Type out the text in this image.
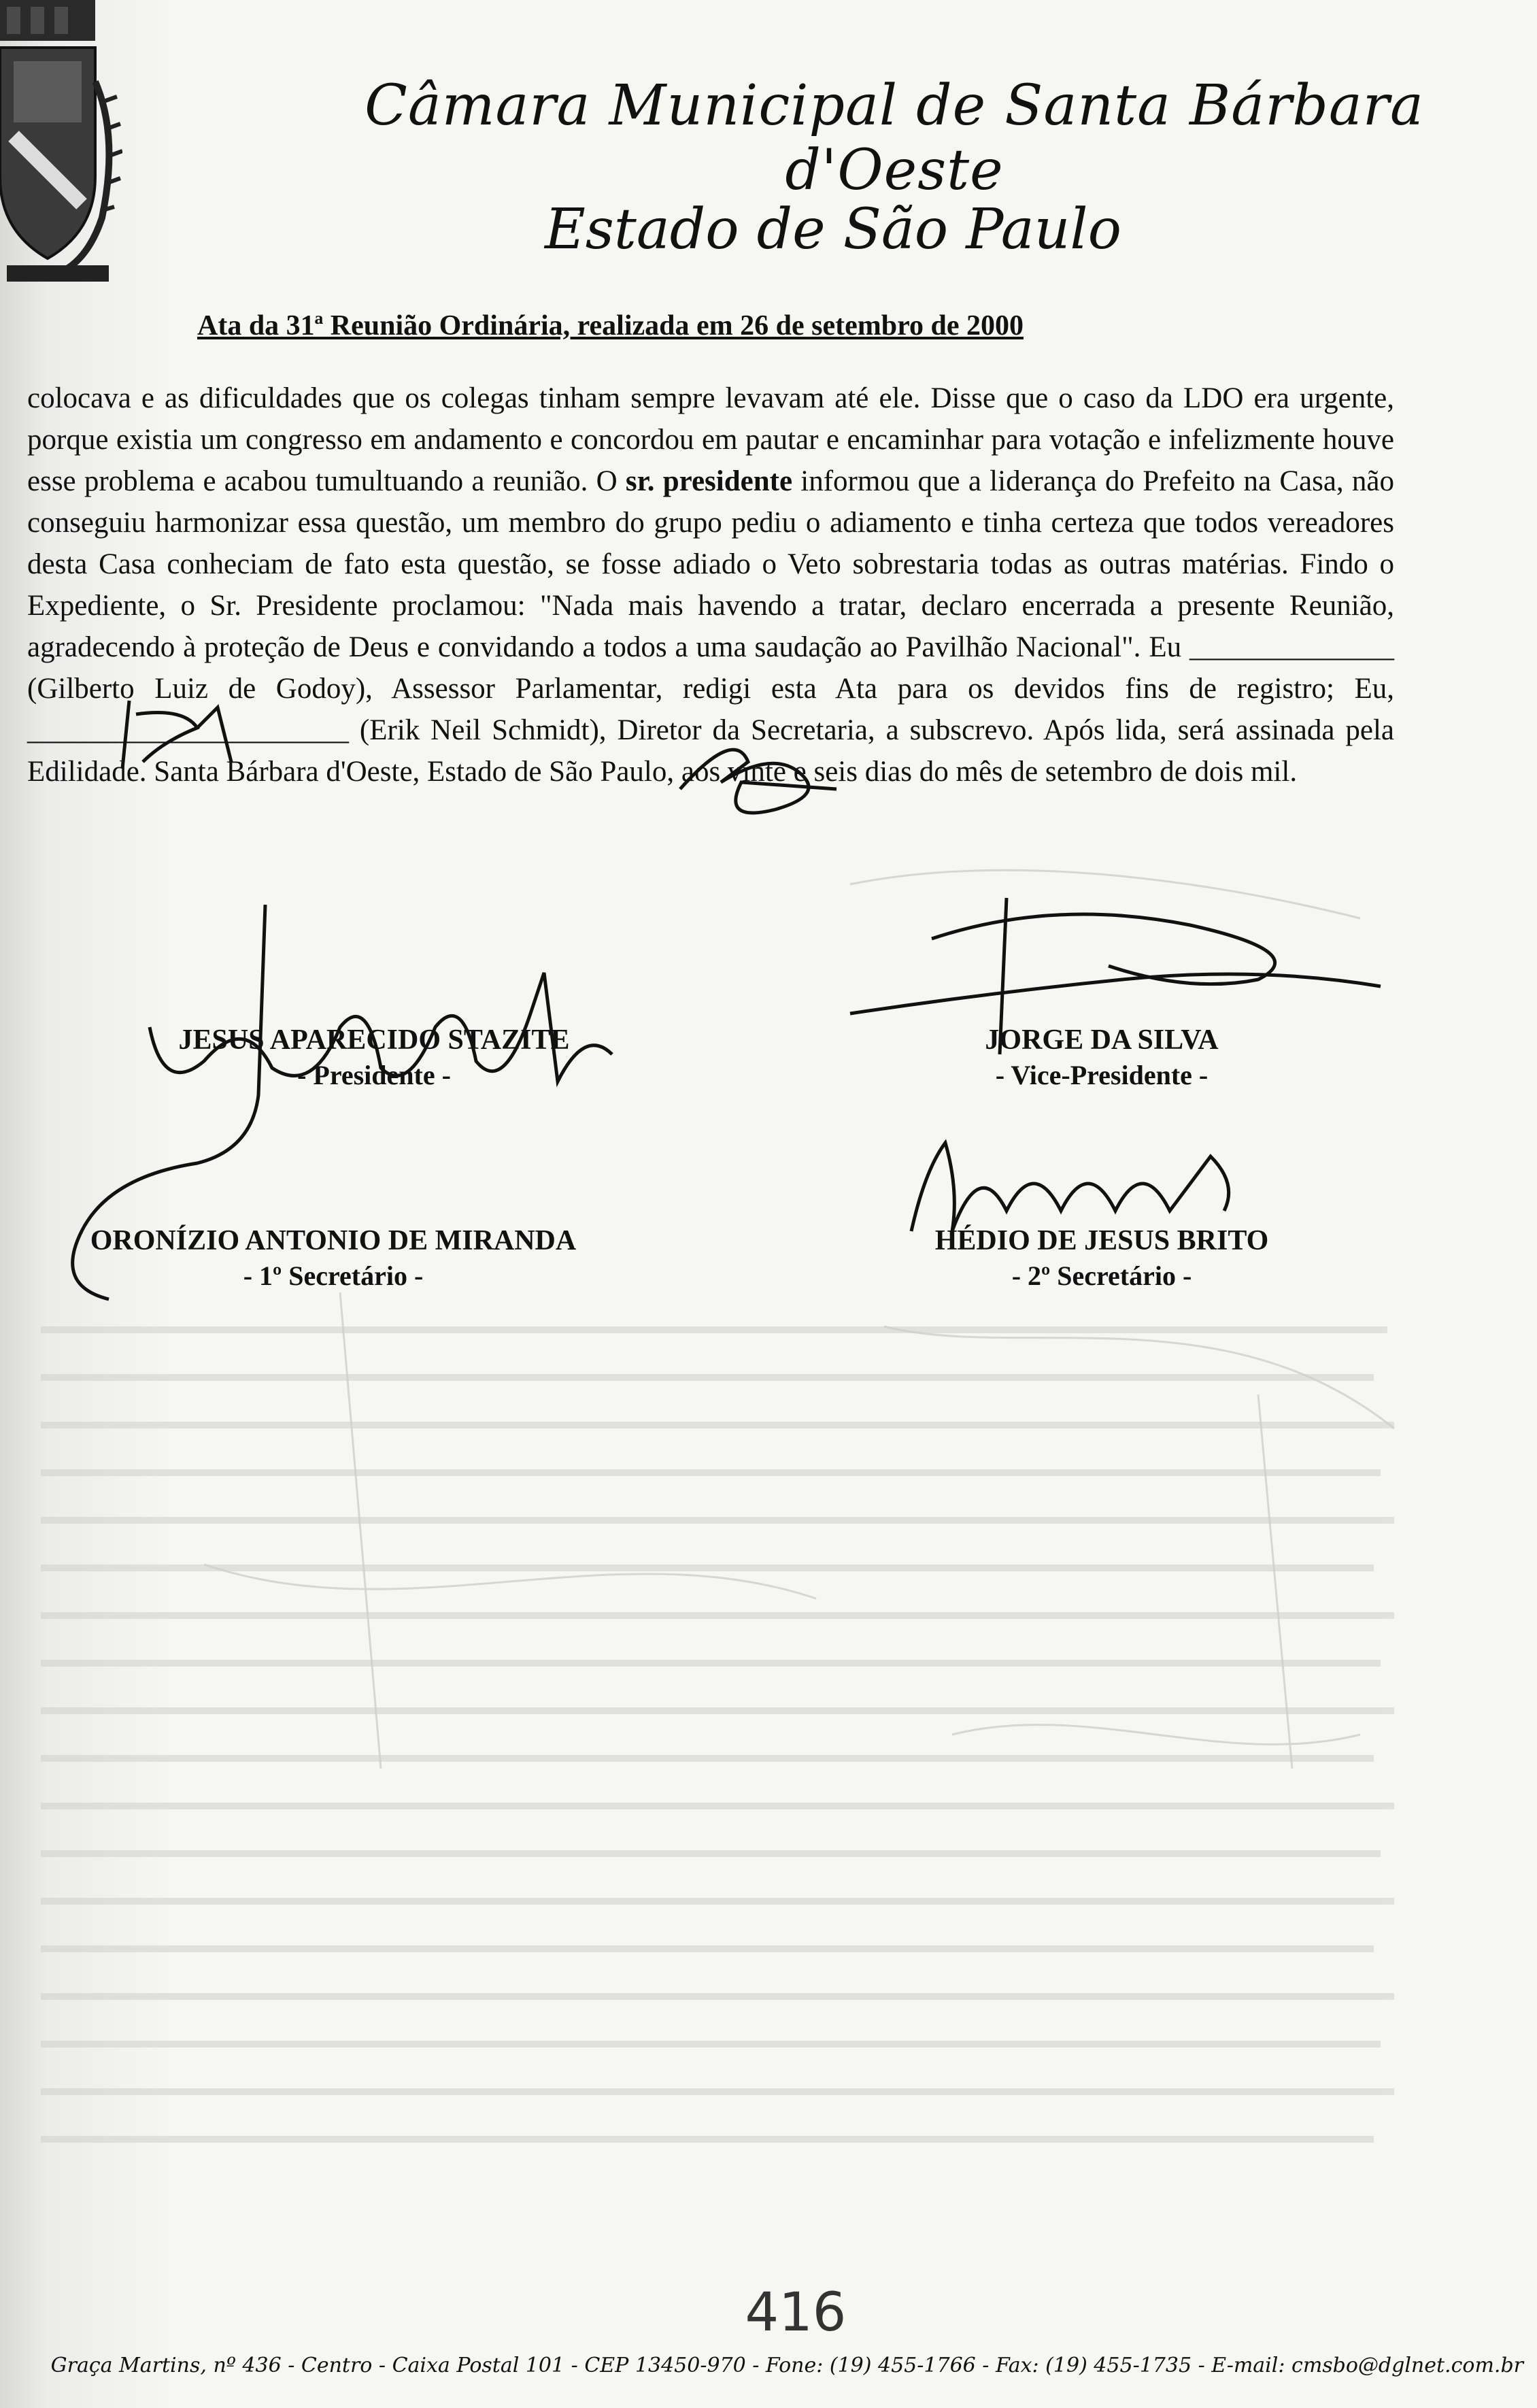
Câmara Municipal de Santa Bárbara d'Oeste
Estado de São Paulo
Ata da 31ª Reunião Ordinária, realizada em 26 de setembro de 2000
colocava e as dificuldades que os colegas tinham sempre levavam até ele. Disse que o caso da LDO era urgente, porque existia um congresso em andamento e concordou em pautar e encaminhar para votação e infelizmente houve esse problema e acabou tumultuando a reunião. O sr. presidente informou que a liderança do Prefeito na Casa, não conseguiu harmonizar essa questão, um membro do grupo pediu o adiamento e tinha certeza que todos vereadores desta Casa conheciam de fato esta questão, se fosse adiado o Veto sobrestaria todas as outras matérias. Findo o Expediente, o Sr. Presidente proclamou: "Nada mais havendo a tratar, declaro encerrada a presente Reunião, agradecendo à proteção de Deus e convidando a todos a uma saudação ao Pavilhão Nacional". Eu ______________ (Gilberto Luiz de Godoy), Assessor Parlamentar, redigi esta Ata para os devidos fins de registro; Eu, ______________________ (Erik Neil Schmidt), Diretor da Secretaria, a subscrevo. Após lida, será assinada pela Edilidade. Santa Bárbara d'Oeste, Estado de São Paulo, aos vinte e seis dias do mês de setembro de dois mil.
JESUS APARECIDO STAZITE
- Presidente -
JORGE DA SILVA
- Vice-Presidente -
ORONÍZIO ANTONIO DE MIRANDA
- 1º Secretário -
HÉDIO DE JESUS BRITO
- 2º Secretário -
416
Graça Martins, nº 436 - Centro - Caixa Postal 101 - CEP 13450-970 - Fone: (19) 455-1766 - Fax: (19) 455-1735 - E-mail: cmsbo@dglnet.com.br
